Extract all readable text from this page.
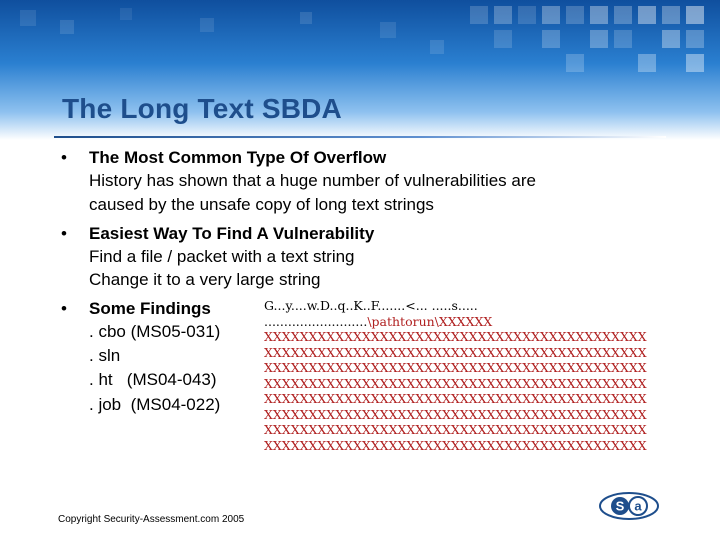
The Long Text SBDA
• The Most Common Type Of Overflow
History has shown that a huge number of vulnerabilities are
caused by the unsafe copy of long text strings
• Easiest Way To Find A Vulnerability
Find a file / packet with a text string
Change it to a very large string
• Some Findings
. cbo (MS05-031)
. sln
. ht   (MS04-043)
. job  (MS04-022)
G...y....w.D..q..K..F.......<... .....s.....
..........................\pathtorun\XXXXXX
XXXXXXXXXXXXXXXXXXXXXXXXXXXXXXXXXXXXXXXXXXX
XXXXXXXXXXXXXXXXXXXXXXXXXXXXXXXXXXXXXXXXXXX
XXXXXXXXXXXXXXXXXXXXXXXXXXXXXXXXXXXXXXXXXXX
XXXXXXXXXXXXXXXXXXXXXXXXXXXXXXXXXXXXXXXXXXX
XXXXXXXXXXXXXXXXXXXXXXXXXXXXXXXXXXXXXXXXXXX
XXXXXXXXXXXXXXXXXXXXXXXXXXXXXXXXXXXXXXXXXXX
XXXXXXXXXXXXXXXXXXXXXXXXXXXXXXXXXXXXXXXXXXX
XXXXXXXXXXXXXXXXXXXXXXXXXXXXXXXXXXXXXXXXXXX
Copyright Security-Assessment.com 2005
S a
